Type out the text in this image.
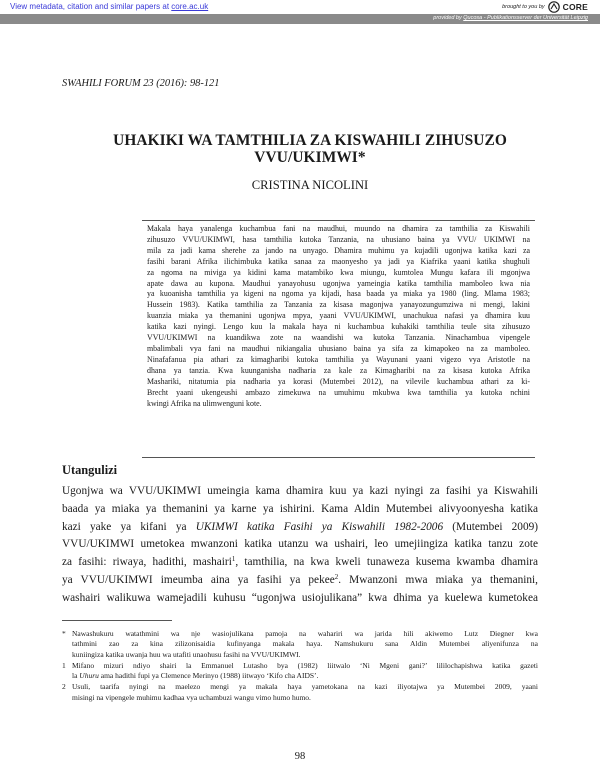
View metadata, citation and similar papers at core.ac.uk	brought to you by CORE
provided by Qucosa - Publikationsserver der Universität Leipzig
SWAHILI FORUM 23 (2016): 98-121
UHAKIKI WA TAMTHILIA ZA KISWAHILI ZIHUSUZO
VVU/UKIMWI*
CRISTINA NICOLINI
Makala haya yanalenga kuchambua fani na maudhui, muundo na dhamira za tamthilia za Kiswahili
zihusuzo VVU/UKIMWI, hasa tamthilia kutoka Tanzania, na uhusiano baina ya VVU/ UKIMWI na
mila za jadi kama sherehe za jando na unyago. Dhamira muhimu ya kujadili ugonjwa katika kazi za
fasihi barani Afrika ilichimbuka katika sanaa za maonyesho ya jadi ya Kiafrika yaani katika shughuli
za ngoma na miviga ya kidini kama matambiko kwa miungu, kumtolea Mungu kafara ili mgonjwa
apate dawa au kupona. Maudhui yanayohusu ugonjwa yameingia katika tamthilia mamboleo kwa nia
ya kuoanisha tamthilia ya kigeni na ngoma ya kijadi, hasa baada ya miaka ya 1980 (ling. Mlama 1983;
Hussein 1983). Katika tamthilia za Tanzania za kisasa magonjwa yanayozungumziwa ni mengi, lakini
kuanzia miaka ya themanini ugonjwa mpya, yaani VVU/UKIMWI, unachukua nafasi ya dhamira kuu
katika kazi nyingi. Lengo kuu la makala haya ni kuchambua kuhakiki tamthilia teule sita zihusuzo
VVU/UKIMWI na kuandikwa zote na waandishi wa kutoka Tanzania. Ninachambua vipengele
mbalimbali vya fani na maudhui nikiangalia uhusiano baina ya sifa za kimapokeo na za mamboleo.
Ninafafanua pia athari za kimagharibi kutoka tamthilia ya Wayunani yaani vigezo vya Aristotle na
dhana ya tanzia. Kwa kuunganisha nadharia za kale za Kimagharibi na za kisasa kutoka Afrika
Mashariki, nitatumia pia nadharia ya korasi (Mutembei 2012), na vilevile kuchambua athari za ki-
Brecht yaani ukengeushi ambazo zimekuwa na umuhimu mkubwa kwa tamthilia ya kutoka nchini
kwingi Afrika na ulimwenguni kote.
Utangulizi
Ugonjwa wa VVU/UKIMWI umeingia kama dhamira kuu ya kazi nyingi za fasihi ya Kiswahili
baada ya miaka ya themanini ya karne ya ishirini. Kama Aldin Mutembei alivyoonyesha katika
kazi yake ya kifani ya UKIMWI katika Fasihi ya Kiswahili 1982-2006 (Mutembei 2009)
VVU/UKIMWI umetokea mwanzoni katika utanzu wa ushairi, leo umejiingiza katika tanzu zote
za fasihi: riwaya, hadithi, mashairi$^1$, tamthilia, na kwa kweli tunaweza kusema kwamba dhamira
ya VVU/UKIMWI imeumba aina ya fasihi ya pekee$^2$. Mwanzoni mwa miaka ya themanini,
washairi walikuwa wamejadili kuhusu “ugonjwa usiojulikana” kwa dhima ya kuelewa kumetokea
* Nawashukuru watathmini wa nje wasiojulikana pamoja na wahariri wa jarida hili akiwemo Lutz Diegner kwa
tathmini zao za kina zilizonisaidia kufinyanga makala haya. Namshukuru sana Aldin Mutembei aliyenifunza na
kuniingiza katika uwanja huu wa utafiti unaohusu fasihi na VVU/UKIMWI.
1 Mifano mizuri ndiyo shairi la Emmanuel Lutasho bya (1982) liitwalo ‘Ni Mgeni gani?’ lililochapishwa katika gazeti
la Uhuru ama hadithi fupi ya Clemence Merinyo (1988) iitwayo ‘Kifo cha AIDS’.
2 Usuli, taarifa nyingi na maelezo mengi ya makala haya yametokana na kazi iliyotajwa ya Mutembei 2009, yaani
misingi na vipengele muhimu kadhaa vya uchambuzi wangu vimo humo humo.
98
